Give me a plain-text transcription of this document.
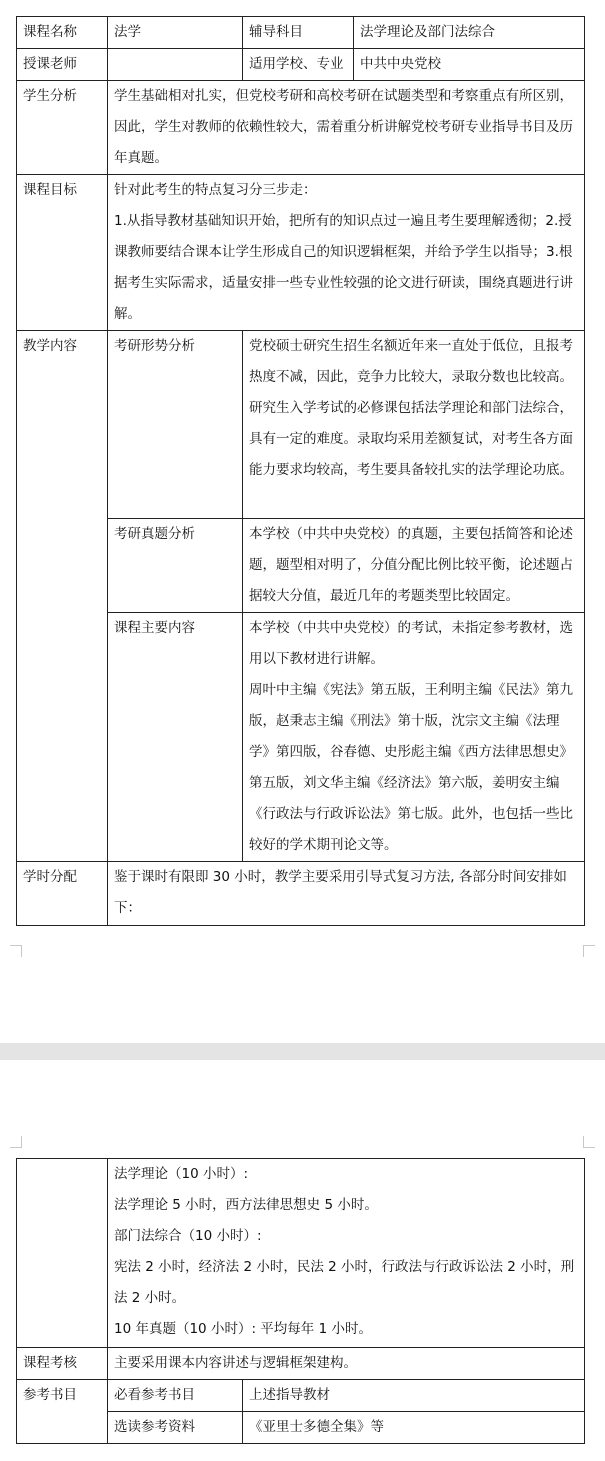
课程名称	法学	辅导科目	法学理论及部门法综合
授课老师		适用学校、专业	中共中央党校
学生分析	学生基础相对扎实，但党校考研和高校考研在试题类型和考察重点有所区别，因此，学生对教师的依赖性较大，需着重分析讲解党校考研专业指导书目及历年真题。		
课程目标	针对此考生的特点复习分三步走：
1.从指导教材基础知识开始，把所有的知识点过一遍且考生要理解透彻；2.授课教师要结合课本让学生形成自己的知识逻辑框架，并给予学生以指导；3.根据考生实际需求，适量安排一些专业性较强的论文进行研读，围绕真题进行讲解。		

教学内容	考研形势分析	党校硕士研究生招生名额近年来一直处于低位，且报考热度不减，因此，竞争力比较大，录取分数也比较高。研究生入学考试的必修课包括法学理论和部门法综合，具有一定的难度。录取均采用差额复试，对考生各方面能力要求均较高，考生要具备较扎实的法学理论功底。	
	考研真题分析	本学校（中共中央党校）的真题，主要包括简答和论述题，题型相对明了，分值分配比例比较平衡，论述题占据较大分值，最近几年的考题类型比较固定。	
	课程主要内容	本学校（中共中央党校）的考试，未指定参考教材，选用以下教材进行讲解。
周叶中主编《宪法》第五版，王利明主编《民法》第九版，赵秉志主编《刑法》第十版，沈宗文主编《法理学》第四版，谷春德、史彤彪主编《西方法律思想史》第五版，刘文华主编《经济法》第六版，姜明安主编《行政法与行政诉讼法》第七版。此外，也包括一些比较好的学术期刊论文等。	

学时分配	鉴于课时有限即 30 小时，教学主要采用引导式复习方法, 各部分时间安排如下：		

	法学理论（10 小时）:
法学理论 5 小时，西方法律思想史 5 小时。
部门法综合（10 小时）:
宪法 2 小时，经济法 2 小时，民法 2 小时，行政法与行政诉讼法 2 小时，刑法 2 小时。
10 年真题（10 小时）: 平均每年 1 小时。	

课程考核	主要采用课本内容讲述与逻辑框架建构。	
参考书目	必看参考书目	上述指导教材
	选读参考资料	《亚里士多德全集》等
